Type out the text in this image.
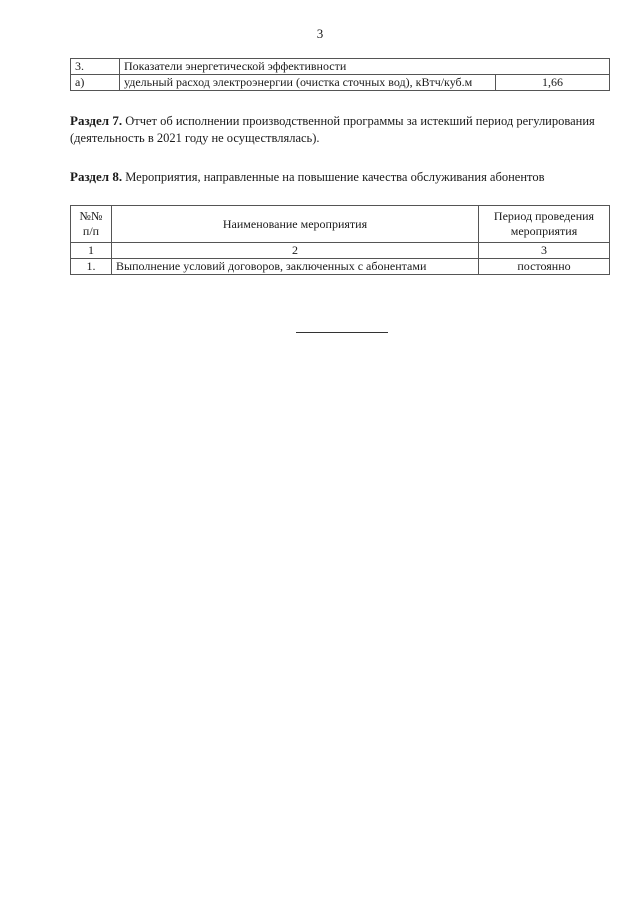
3
3.	Показатели энергетической эффективности	
а)	удельный расход электроэнергии (очистка сточных вод), кВтч/куб.м	1,66
Раздел 7. Отчет об исполнении производственной программы за истекший период регулирования (деятельность в 2021 году не осуществлялась).
Раздел 8. Мероприятия, направленные на повышение качества обслуживания абонентов
№№ п/п	Наименование мероприятия	Период проведения мероприятия
1	2	3
1.	Выполнение условий договоров, заключенных с абонентами	постоянно
